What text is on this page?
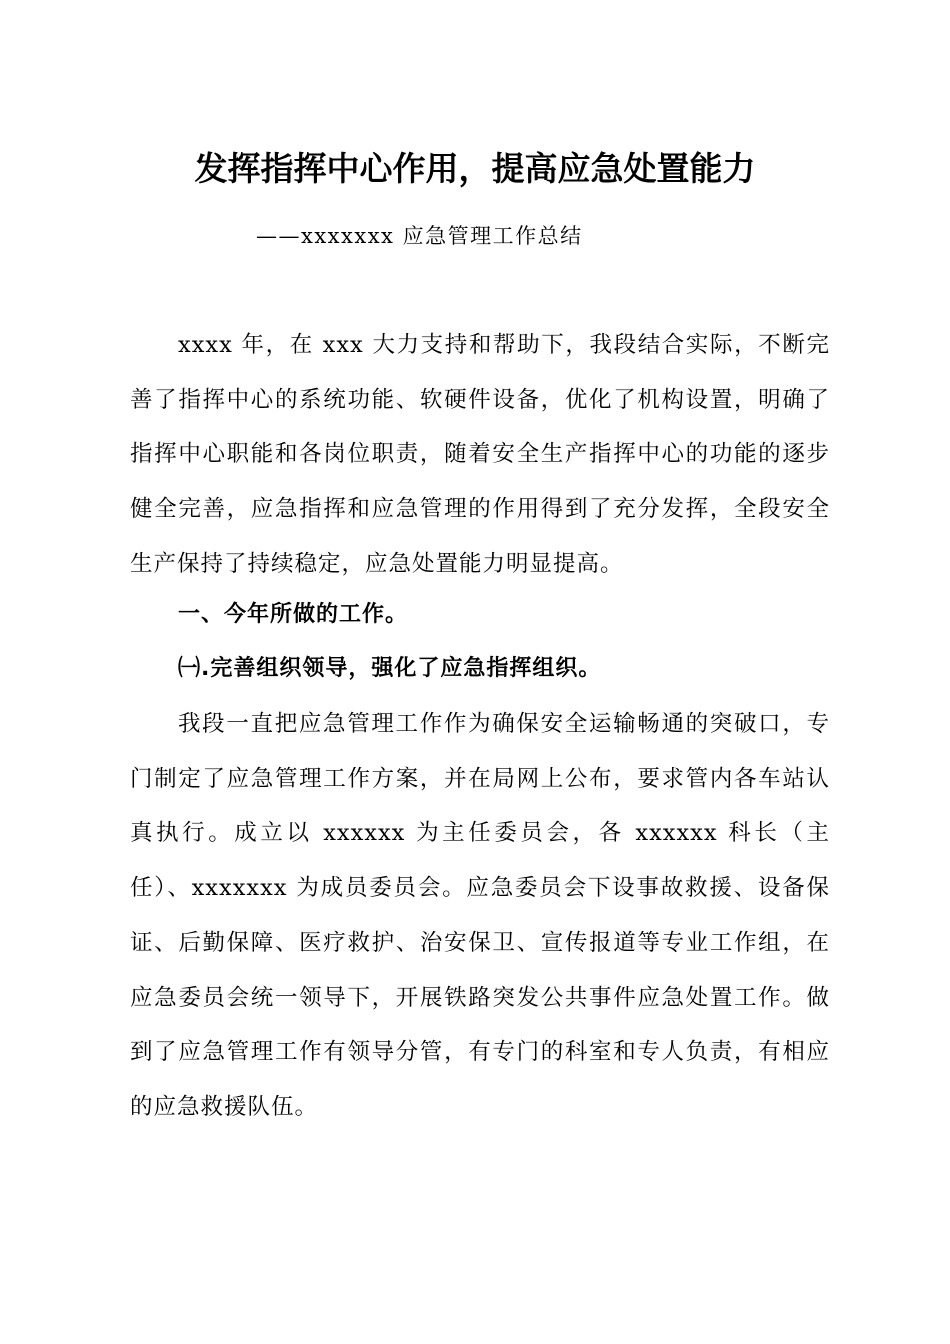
发挥指挥中心作用，提高应急处置能力
——xxxxxxx 应急管理工作总结
xxxx 年，在 xxx 大力支持和帮助下，我段结合实际，不断完善了指挥中心的系统功能、软硬件设备，优化了机构设置，明确了指挥中心职能和各岗位职责，随着安全生产指挥中心的功能的逐步健全完善，应急指挥和应急管理的作用得到了充分发挥，全段安全生产保持了持续稳定，应急处置能力明显提高。
一、今年所做的工作。
㈠.完善组织领导，强化了应急指挥组织。
我段一直把应急管理工作作为确保安全运输畅通的突破口，专门制定了应急管理工作方案，并在局网上公布，要求管内各车站认真执行。成立以 xxxxxx 为主任委员会，各 xxxxxx 科长（主任）、xxxxxxx 为成员委员会。应急委员会下设事故救援、设备保证、后勤保障、医疗救护、治安保卫、宣传报道等专业工作组，在应急委员会统一领导下，开展铁路突发公共事件应急处置工作。做到了应急管理工作有领导分管，有专门的科室和专人负责，有相应的应急救援队伍。
